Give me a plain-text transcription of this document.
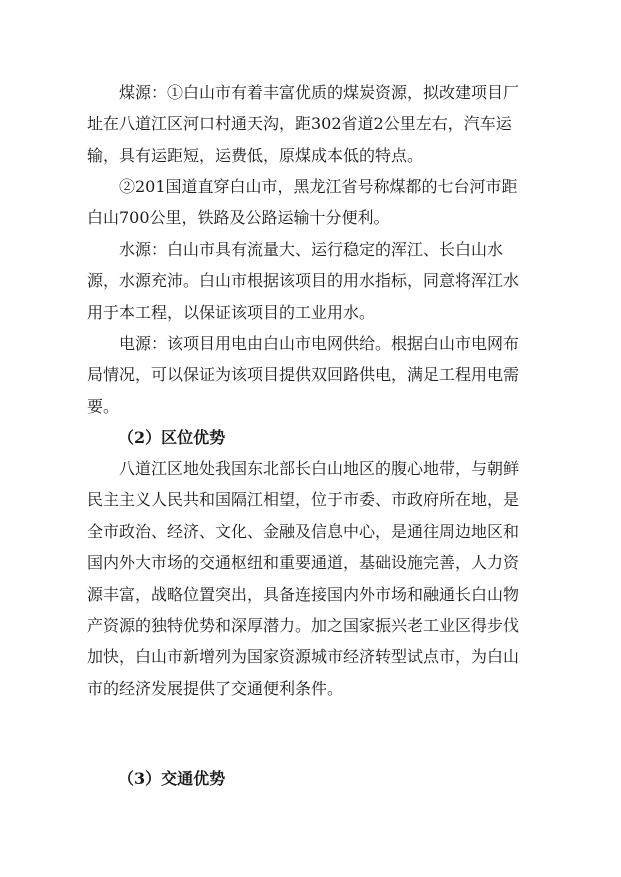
煤源：①白山市有着丰富优质的煤炭资源，拟改建项目厂址在八道江区河口村通天沟，距302省道2公里左右，汽车运输，具有运距短，运费低，原煤成本低的特点。

②201国道直穿白山市，黑龙江省号称煤都的七台河市距白山700公里，铁路及公路运输十分便利。

水源：白山市具有流量大、运行稳定的浑江、长白山水源，水源充沛。白山市根据该项目的用水指标，同意将浑江水用于本工程，以保证该项目的工业用水。

电源：该项目用电由白山市电网供给。根据白山市电网布局情况，可以保证为该项目提供双回路供电，满足工程用电需要。

（2）区位优势

八道江区地处我国东北部长白山地区的腹心地带，与朝鲜民主主义人民共和国隔江相望，位于市委、市政府所在地，是全市政治、经济、文化、金融及信息中心，是通往周边地区和国内外大市场的交通枢纽和重要通道，基础设施完善，人力资源丰富，战略位置突出，具备连接国内外市场和融通长白山物产资源的独特优势和深厚潜力。加之国家振兴老工业区得步伐加快，白山市新增列为国家资源城市经济转型试点市，为白山市的经济发展提供了交通便利条件。

（3）交通优势
